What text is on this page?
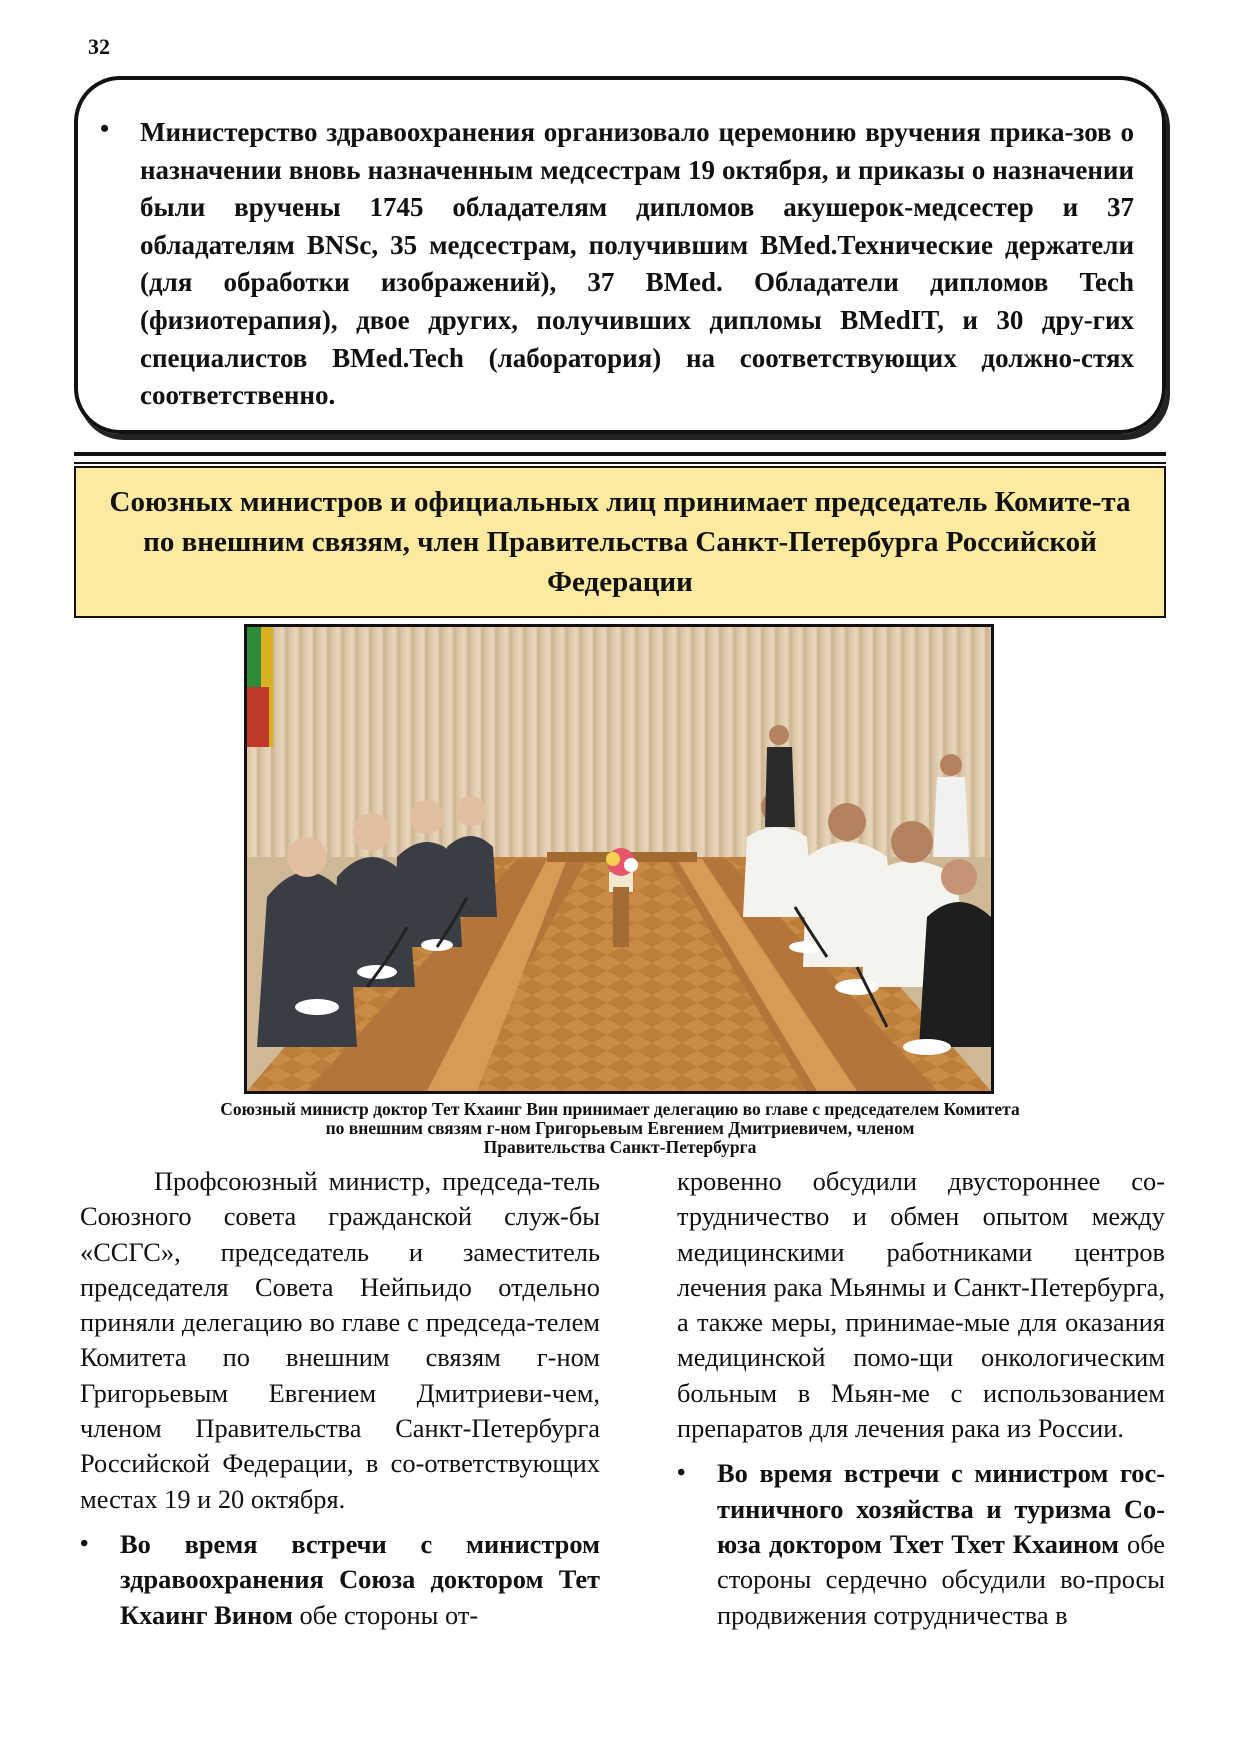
32
• Министерство здравоохранения организовало церемонию вручения прика-зов о назначении вновь назначенным медсестрам 19 октября, и приказы о назначении были вручены 1745 обладателям дипломов акушерок-медсестер и 37 обладателям BNSc, 35 медсестрам, получившим BMed.Технические держатели (для обработки изображений), 37 BMed. Обладатели дипломов Tech (физиотерапия), двое других, получивших дипломы BMedIT, и 30 дру-гих специалистов BMed.Tech (лаборатория) на соответствующих должно-стях соответственно.

Союзных министров и официальных лиц принимает председатель Комите-та по внешним связям, член Правительства Санкт-Петербурга Российской Федерации
Союзный министр доктор Тет Кхаинг Вин принимает делегацию во главе с председателем Комитета
по внешним связям г-ном Григорьевым Евгением Дмитриевичем, членом
Правительства Санкт-Петербурга

Профсоюзный министр, председа-тель Союзного совета гражданской служ-бы «ССГС», председатель и заместитель председателя Совета Нейпьидо отдельно приняли делегацию во главе с председа-телем Комитета по внешним связям г-ном Григорьевым Евгением Дмитриеви-чем, членом Правительства Санкт-Петербурга Российской Федерации, в со-ответствующих местах 19 и 20 октября.

• Во время встречи с министром здравоохранения Союза доктором Тет Кхаинг Вином обе стороны от-

кровенно обсудили двустороннее со-трудничество и обмен опытом между медицинскими работниками центров лечения рака Мьянмы и Санкт-Петербурга, а также меры, принимае-мые для оказания медицинской помо-щи онкологическим больным в Мьян-ме с использованием препаратов для лечения рака из России.

• Во время встречи с министром гос-тиничного хозяйства и туризма Со-юза доктором Тхет Тхет Кхаином обе стороны сердечно обсудили во-просы продвижения сотрудничества в
